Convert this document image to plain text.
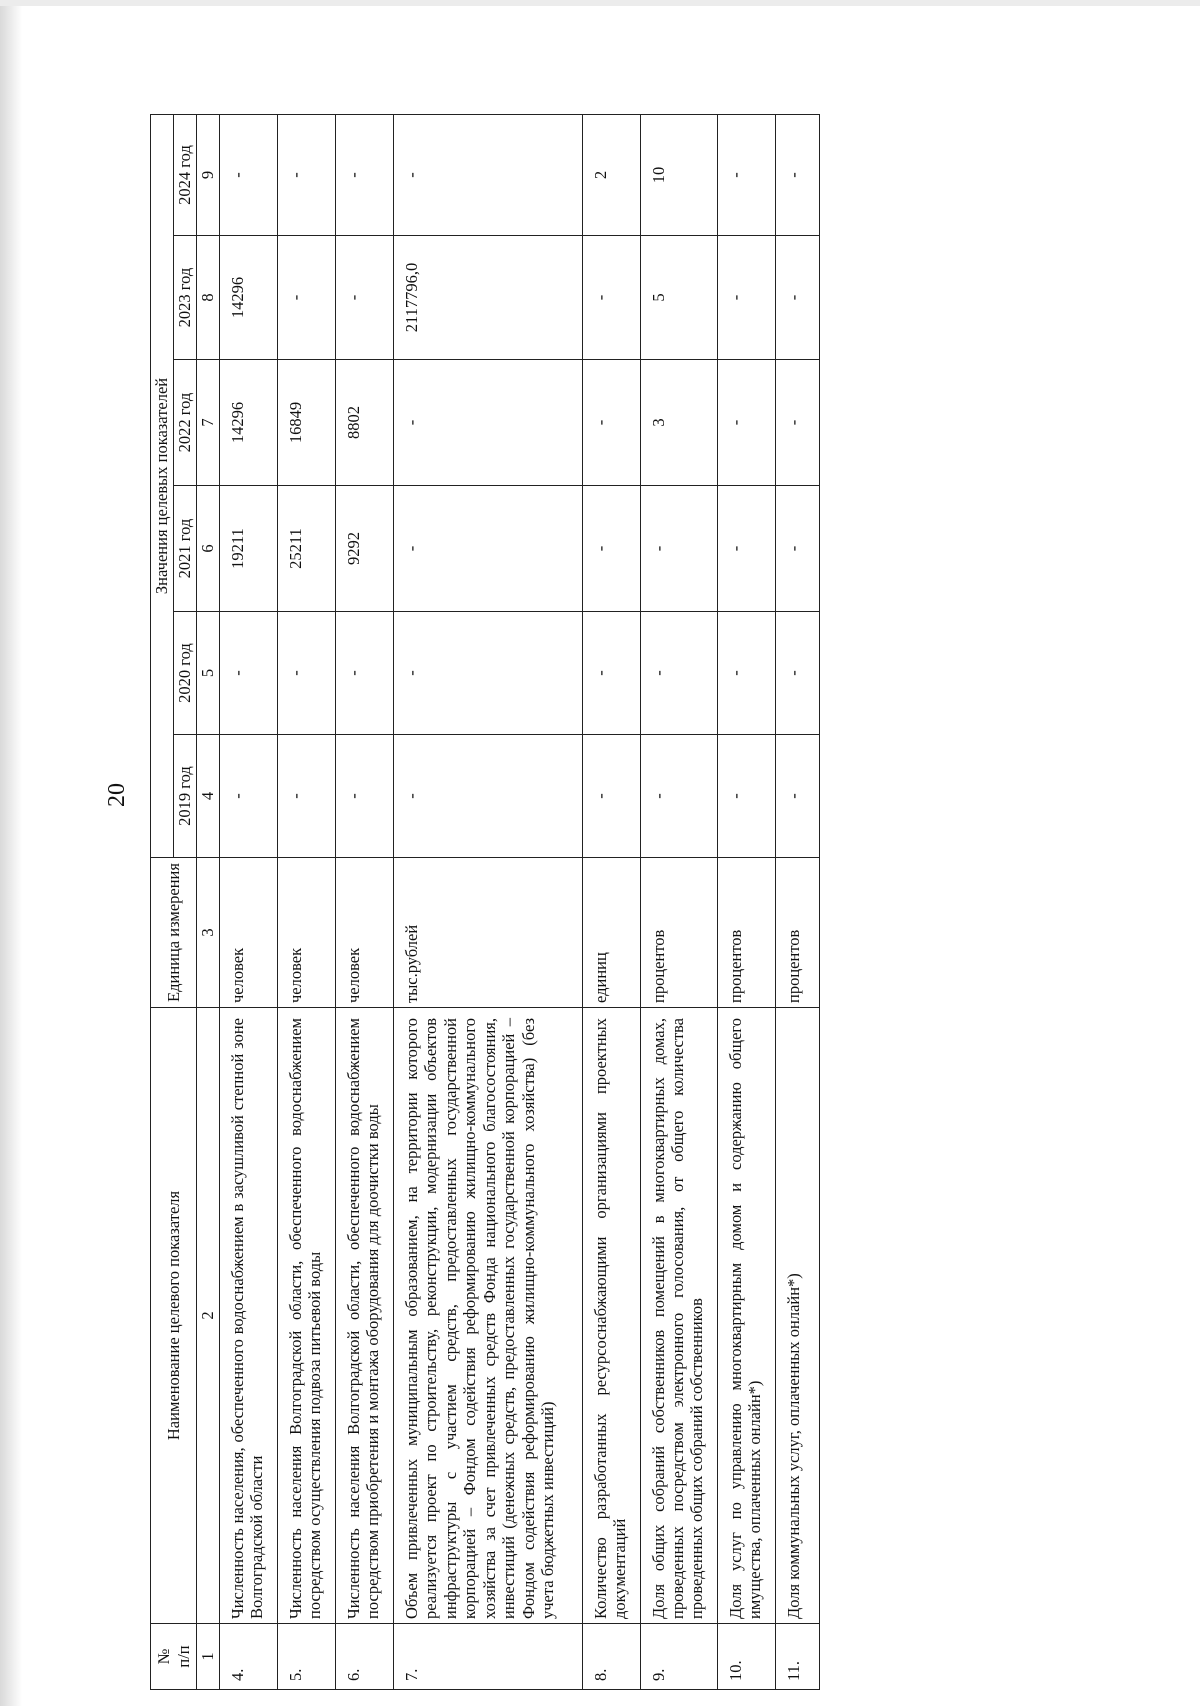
20
№
п/п	Наименование целевого показателя	Единица измерения	Значения целевых показателей					
			2019 год	2020 год	2021 год	2022 год	2023 год	2024 год
1	2	3	4	5	6	7	8	9
4.	Численность населения, обеспеченного водоснабжением в засушливой степной зоне Волгоградской области	человек	-	-	19211	14296	14296	-
5.	Численность населения Волгоградской области, обеспеченного водоснабжением посредством осуществления подвоза питьевой воды	человек	-	-	25211	16849	-	-
6.	Численность населения Волгоградской области, обеспеченного водоснабжением посредством приобретения и монтажа оборудования для доочистки воды	человек	-	-	9292	8802	-	-
7.	Объем привлеченных муниципальным образованием, на территории которого реализуется проект по строительству, реконструкции, модернизации объектов инфраструктуры с участием средств, предоставленных государственной корпорацией – Фондом содействия реформированию жилищно-коммунального хозяйства за счет привлеченных средств Фонда национального благосостояния, инвестиций (денежных средств, предоставленных государственной корпорацией – Фондом содействия реформированию жилищно-коммунального хозяйства) (без учета бюджетных инвестиций)	тыс.рублей	-	-	-	-	2117796,0	-
8.	Количество разработанных ресурсоснабжающими организациями проектных документаций	единиц	-	-	-	-	-	2
9.	Доля общих собраний собственников помещений в многоквартирных домах, проведенных посредством электронного голосования, от общего количества проведенных общих собраний собственников	процентов	-	-	-	3	5	10
10.	Доля услуг по управлению многоквартирным домом и содержанию общего имущества, оплаченных онлайн*)	процентов	-	-	-	-	-	-
11.	Доля коммунальных услуг, оплаченных онлайн*)	процентов	-	-	-	-	-	-
